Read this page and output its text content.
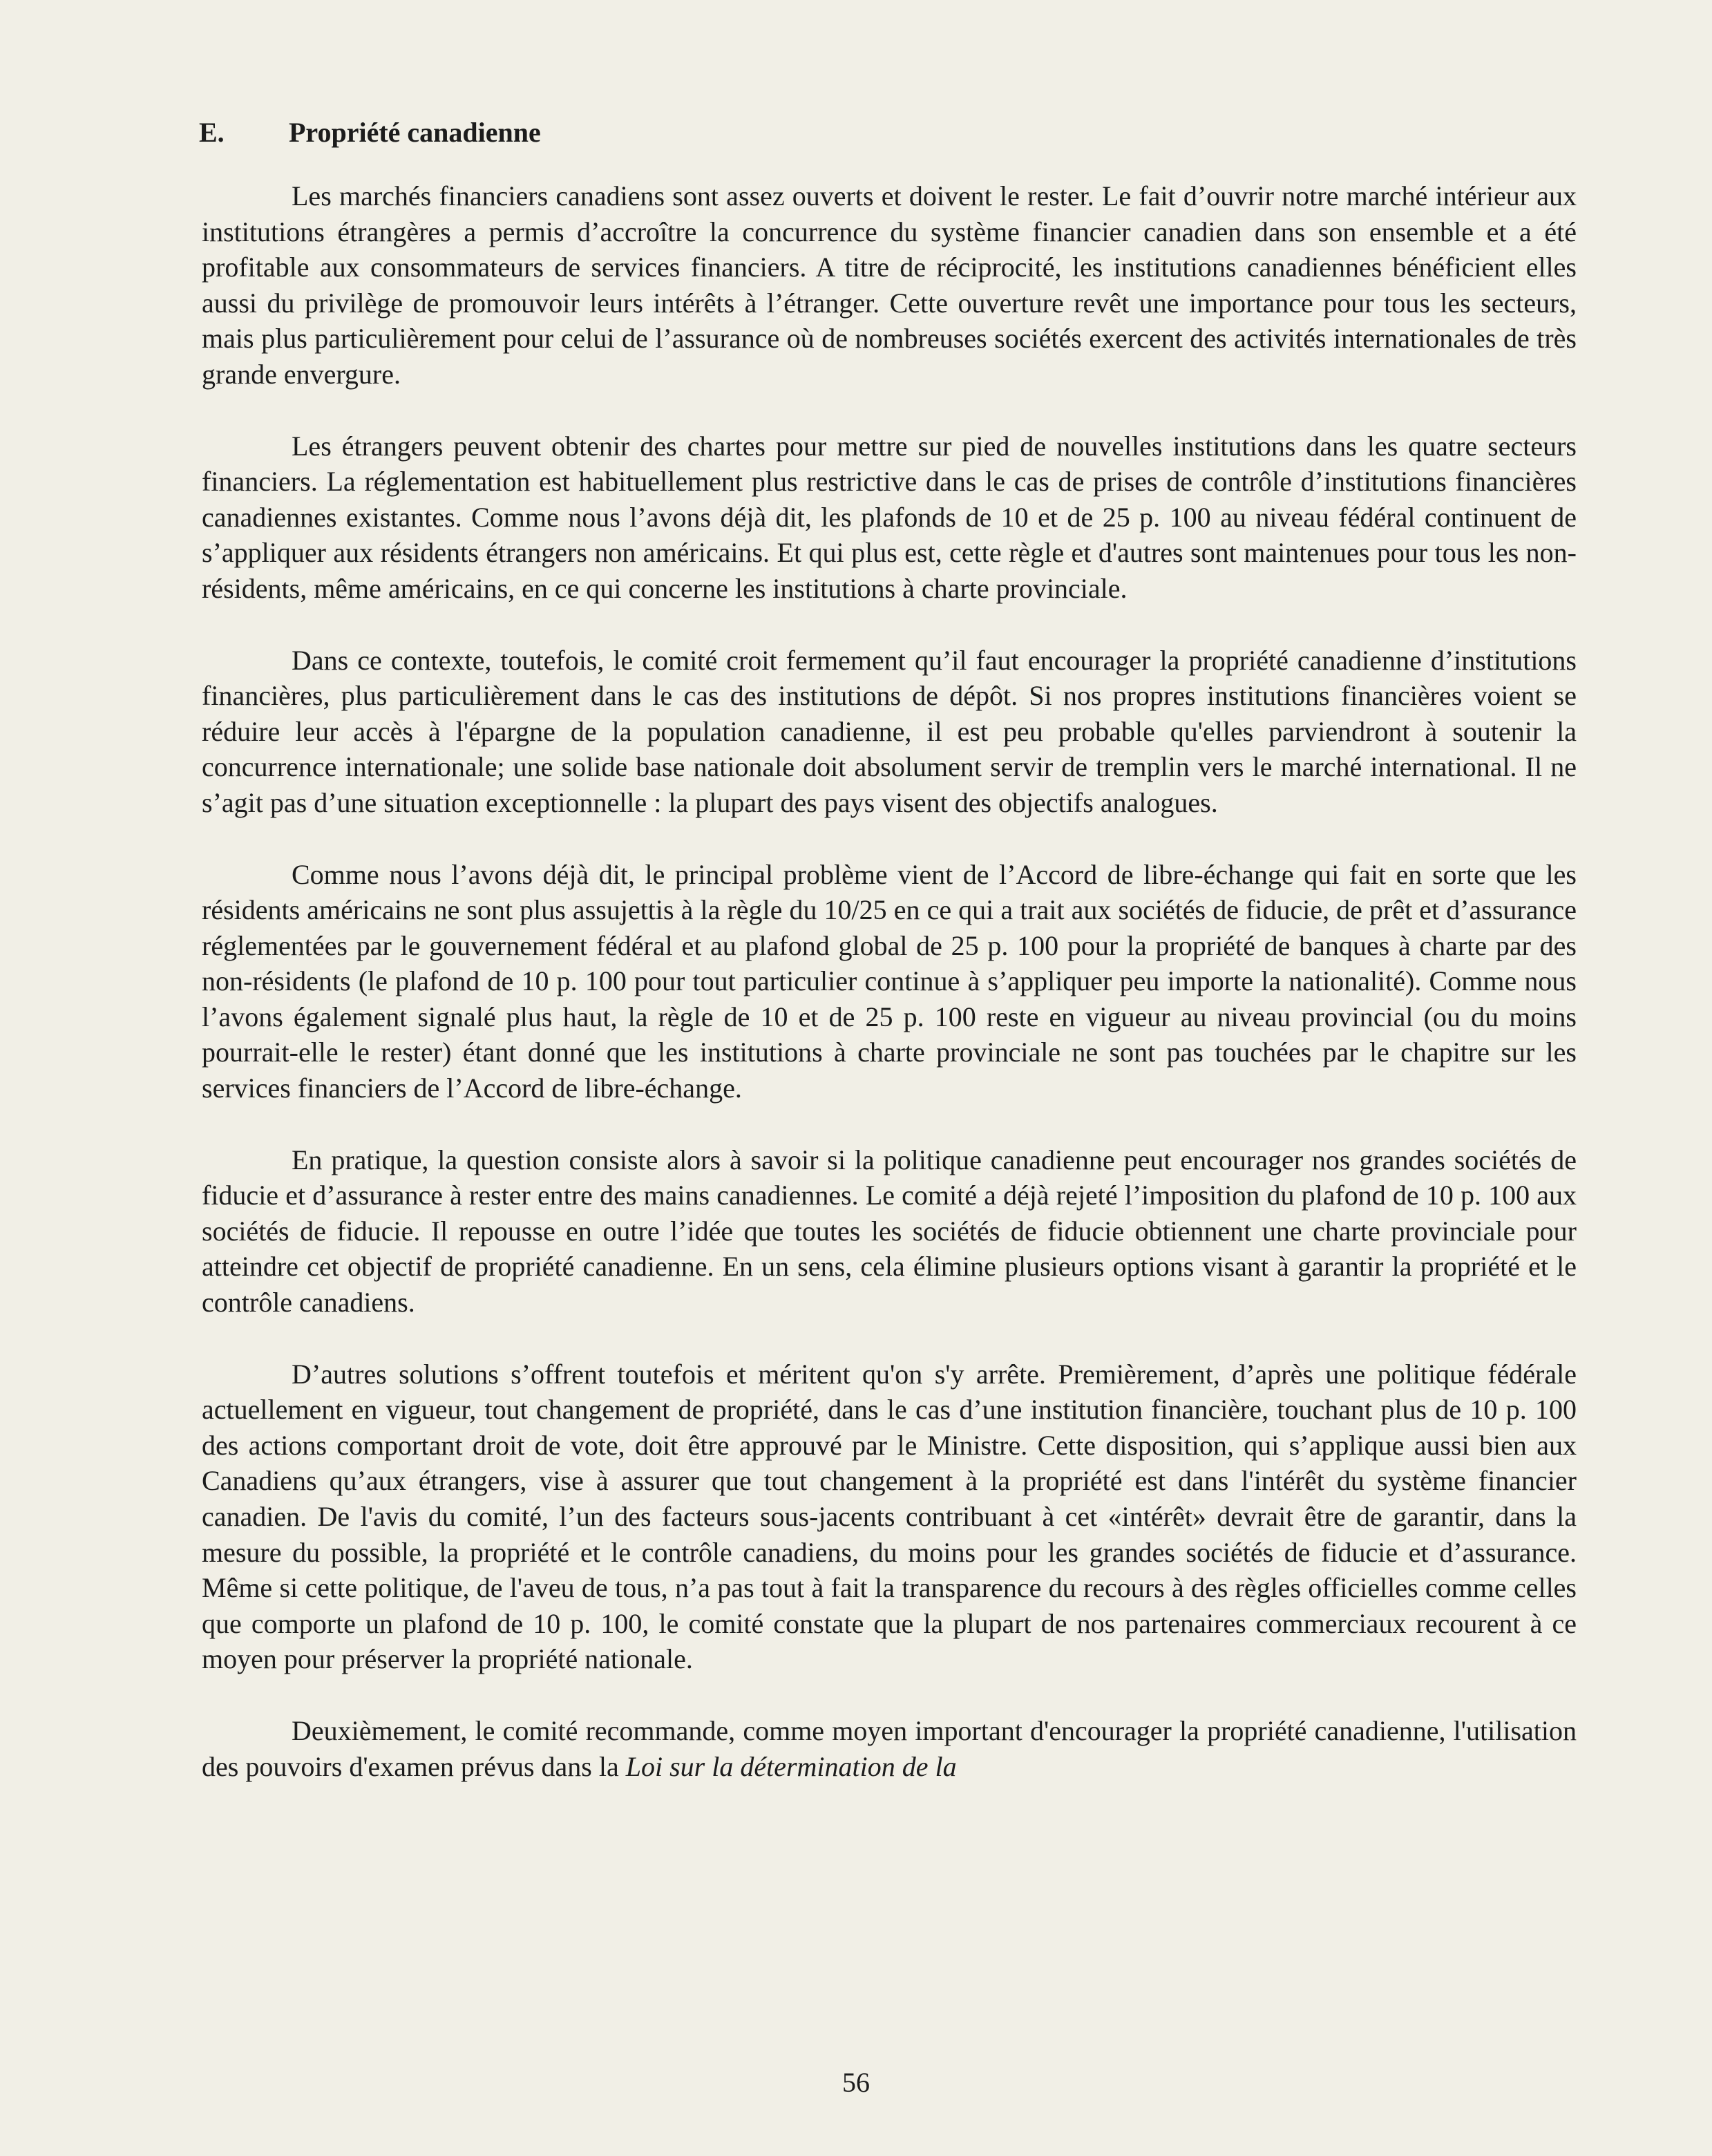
E. Propriété canadienne

Les marchés financiers canadiens sont assez ouverts et doivent le rester. Le fait d’ouvrir notre marché intérieur aux institutions étrangères a permis d’accroître la concurrence du système financier canadien dans son ensemble et a été profitable aux consommateurs de services financiers. A titre de réciprocité, les institutions canadiennes bénéficient elles aussi du privilège de promouvoir leurs intérêts à l’étranger. Cette ouverture revêt une importance pour tous les secteurs, mais plus particulièrement pour celui de l’assurance où de nombreuses sociétés exercent des activités internationales de très grande envergure.

Les étrangers peuvent obtenir des chartes pour mettre sur pied de nouvelles institutions dans les quatre secteurs financiers. La réglementation est habituellement plus restrictive dans le cas de prises de contrôle d’institutions financières canadiennes existantes. Comme nous l’avons déjà dit, les plafonds de 10 et de 25 p. 100 au niveau fédéral continuent de s’appliquer aux résidents étrangers non américains. Et qui plus est, cette règle et d'autres sont maintenues pour tous les non-résidents, même américains, en ce qui concerne les institutions à charte provinciale.

Dans ce contexte, toutefois, le comité croit fermement qu’il faut encourager la propriété canadienne d’institutions financières, plus particulièrement dans le cas des institutions de dépôt. Si nos propres institutions financières voient se réduire leur accès à l'épargne de la population canadienne, il est peu probable qu'elles parviendront à soutenir la concurrence internationale; une solide base nationale doit absolument servir de tremplin vers le marché international. Il ne s’agit pas d’une situation exceptionnelle : la plupart des pays visent des objectifs analogues.

Comme nous l’avons déjà dit, le principal problème vient de l’Accord de libre-échange qui fait en sorte que les résidents américains ne sont plus assujettis à la règle du 10/25 en ce qui a trait aux sociétés de fiducie, de prêt et d’assurance réglementées par le gouvernement fédéral et au plafond global de 25 p. 100 pour la propriété de banques à charte par des non-résidents (le plafond de 10 p. 100 pour tout particulier continue à s’appliquer peu importe la nationalité). Comme nous l’avons également signalé plus haut, la règle de 10 et de 25 p. 100 reste en vigueur au niveau provincial (ou du moins pourrait-elle le rester) étant donné que les institutions à charte provinciale ne sont pas touchées par le chapitre sur les services financiers de l’Accord de libre-échange.

En pratique, la question consiste alors à savoir si la politique canadienne peut encourager nos grandes sociétés de fiducie et d’assurance à rester entre des mains canadiennes. Le comité a déjà rejeté l’imposition du plafond de 10 p. 100 aux sociétés de fiducie. Il repousse en outre l’idée que toutes les sociétés de fiducie obtiennent une charte provinciale pour atteindre cet objectif de propriété canadienne. En un sens, cela élimine plusieurs options visant à garantir la propriété et le contrôle canadiens.

D’autres solutions s’offrent toutefois et méritent qu'on s'y arrête. Premièrement, d’après une politique fédérale actuellement en vigueur, tout changement de propriété, dans le cas d’une institution financière, touchant plus de 10 p. 100 des actions comportant droit de vote, doit être approuvé par le Ministre. Cette disposition, qui s’applique aussi bien aux Canadiens qu’aux étrangers, vise à assurer que tout changement à la propriété est dans l'intérêt du système financier canadien. De l'avis du comité, l’un des facteurs sous-jacents contribuant à cet «intérêt» devrait être de garantir, dans la mesure du possible, la propriété et le contrôle canadiens, du moins pour les grandes sociétés de fiducie et d’assurance. Même si cette politique, de l'aveu de tous, n’a pas tout à fait la transparence du recours à des règles officielles comme celles que comporte un plafond de 10 p. 100, le comité constate que la plupart de nos partenaires commerciaux recourent à ce moyen pour préserver la propriété nationale.

Deuxièmement, le comité recommande, comme moyen important d'encourager la propriété canadienne, l'utilisation des pouvoirs d'examen prévus dans la Loi sur la détermination de la

56
